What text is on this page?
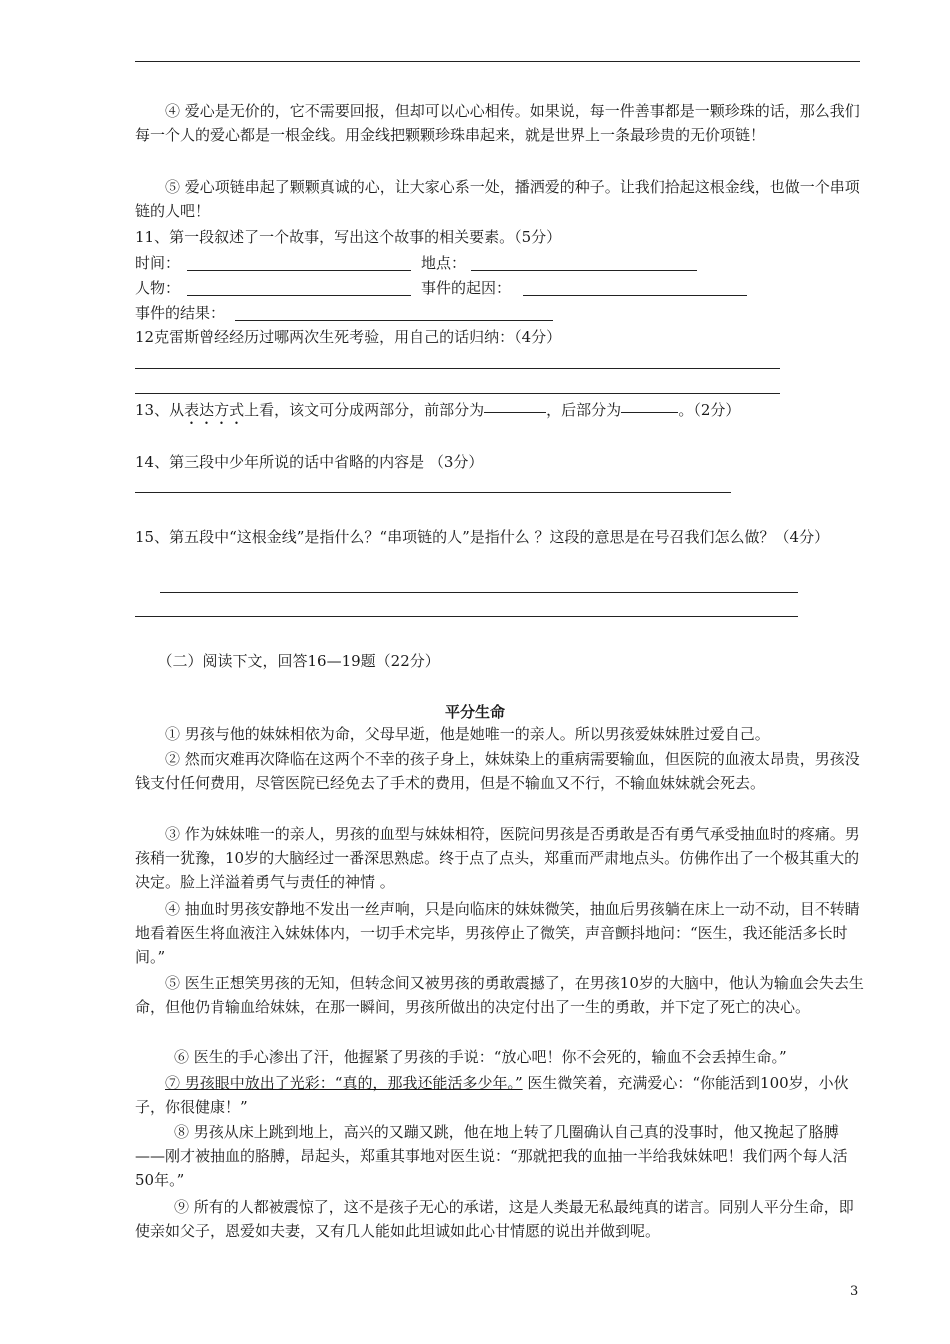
④ 爱心是无价的，它不需要回报，但却可以心心相传。如果说，每一件善事都是一颗珍珠的话，那么我们每一个人的爱心都是一根金线。用金线把颗颗珍珠串起来，就是世界上一条最珍贵的无价项链！

⑤ 爱心项链串起了颗颗真诚的心，让大家心系一处，播洒爱的种子。让我们拾起这根金线，也做一个串项链的人吧！

11、第一段叙述了一个故事，写出这个故事的相关要素。（5分）

时间：	地点：
人物：	事件的起因：
事件的结果：

12克雷斯曾经经历过哪两次生死考验，用自己的话归纳：（4分）

13、从表达方式上看，该文可分成两部分，前部分为	，后部分为	。（2分）

14、第三段中少年所说的话中省略的内容是 （3分）

15、第五段中“这根金线”是指什么？“串项链的人”是指什么 ？这段的意思是在号召我们怎么做？（4分）

（二）阅读下文，回答16—19题（22分）

平分生命

① 男孩与他的妹妹相依为命，父母早逝，他是她唯一的亲人。所以男孩爱妹妹胜过爱自己。

② 然而灾难再次降临在这两个不幸的孩子身上，妹妹染上的重病需要输血，但医院的血液太昂贵，男孩没钱支付任何费用，尽管医院已经免去了手术的费用，但是不输血又不行，不输血妹妹就会死去。

③ 作为妹妹唯一的亲人，男孩的血型与妹妹相符，医院问男孩是否勇敢是否有勇气承受抽血时的疼痛。男孩稍一犹豫，10岁的大脑经过一番深思熟虑。终于点了点头，郑重而严肃地点头。仿佛作出了一个极其重大的决定。脸上洋溢着勇气与责任的神情 。

④ 抽血时男孩安静地不发出一丝声响，只是向临床的妹妹微笑，抽血后男孩躺在床上一动不动，目不转睛地看着医生将血液注入妹妹体内，一切手术完毕，男孩停止了微笑，声音颤抖地问：“医生，我还能活多长时间。”

⑤ 医生正想笑男孩的无知，但转念间又被男孩的勇敢震撼了，在男孩10岁的大脑中，他认为输血会失去生命，但他仍肯输血给妹妹，在那一瞬间，男孩所做出的决定付出了一生的勇敢，并下定了死亡的决心。

⑥ 医生的手心渗出了汗，他握紧了男孩的手说：“放心吧！你不会死的，输血不会丢掉生命。”

⑦ 男孩眼中放出了光彩：“真的，那我还能活多少年。” 医生微笑着，充满爱心：“你能活到100岁，小伙子，你很健康！”

⑧ 男孩从床上跳到地上，高兴的又蹦又跳，他在地上转了几圈确认自己真的没事时，他又挽起了胳膊——刚才被抽血的胳膊，昂起头，郑重其事地对医生说：“那就把我的血抽一半给我妹妹吧！我们两个每人活50年。”

⑨ 所有的人都被震惊了，这不是孩子无心的承诺，这是人类最无私最纯真的诺言。同别人平分生命，即使亲如父子，恩爱如夫妻，又有几人能如此坦诚如此心甘情愿的说出并做到呢。

3
